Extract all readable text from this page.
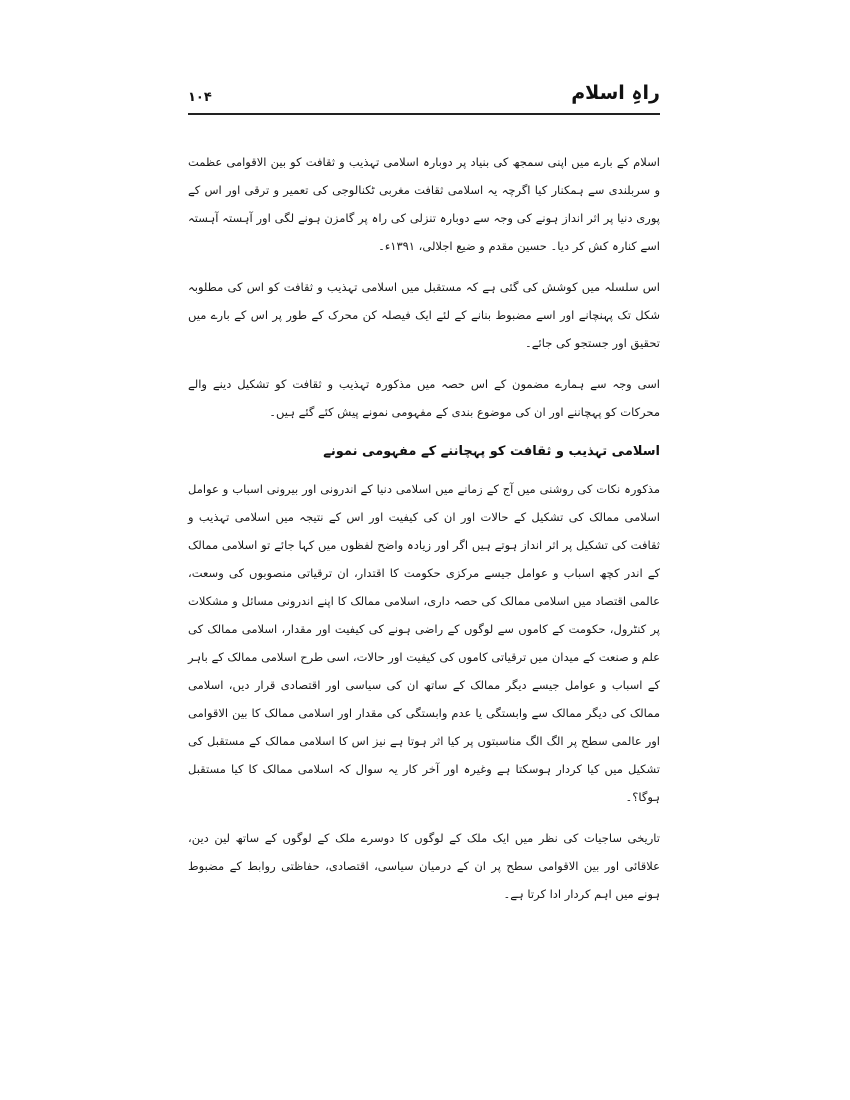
۱۰۴	راہِ اسلام

اسلام کے بارے میں اپنی سمجھ کی بنیاد پر دوبارہ اسلامی تہذیب و ثقافت کو بین الاقوامی عظمت و سربلندی سے ہمکنار کیا اگرچہ یہ اسلامی ثقافت مغربی ٹکنالوجی کی تعمیر و ترقی اور اس کے پوری دنیا پر اثر انداز ہونے کی وجہ سے دوبارہ تنزلی کی راہ پر گامزن ہونے لگی اور آہستہ آہستہ اسے کنارہ کش کر دیا۔ حسین مقدم و ضیع اجلالی، ۱۳۹۱ء۔

اس سلسلہ میں کوشش کی گئی ہے کہ مستقبل میں اسلامی تہذیب و ثقافت کو اس کی مطلوبہ شکل تک پہنچانے اور اسے مضبوط بنانے کے لئے ایک فیصلہ کن محرک کے طور پر اس کے بارے میں تحقیق اور جستجو کی جائے۔

اسی وجہ سے ہمارے مضمون کے اس حصہ میں مذکورہ تہذیب و ثقافت کو تشکیل دینے والے محرکات کو پہچاننے اور ان کی موضوع بندی کے مفہومی نمونے پیش کئے گئے ہیں۔

اسلامی تہذیب و ثقافت کو پہچاننے کے مفہومی نمونے

مذکورہ نکات کی روشنی میں آج کے زمانے میں اسلامی دنیا کے اندرونی اور بیرونی اسباب و عوامل اسلامی ممالک کی تشکیل کے حالات اور ان کی کیفیت اور اس کے نتیجہ میں اسلامی تہذیب و ثقافت کی تشکیل پر اثر انداز ہوتے ہیں اگر اور زیادہ واضح لفظوں میں کہا جائے تو اسلامی ممالک کے اندر کچھ اسباب و عوامل جیسے مرکزی حکومت کا اقتدار، ان ترقیاتی منصوبوں کی وسعت، عالمی اقتصاد میں اسلامی ممالک کی حصہ داری، اسلامی ممالک کا اپنے اندرونی مسائل و مشکلات پر کنٹرول، حکومت کے کاموں سے لوگوں کے راضی ہونے کی کیفیت اور مقدار، اسلامی ممالک کی علم و صنعت کے میدان میں ترقیاتی کاموں کی کیفیت اور حالات، اسی طرح اسلامی ممالک کے باہر کے اسباب و عوامل جیسے دیگر ممالک کے ساتھ ان کی سیاسی اور اقتصادی قرار دیں، اسلامی ممالک کی دیگر ممالک سے وابستگی یا عدم وابستگی کی مقدار اور اسلامی ممالک کا بین الاقوامی اور عالمی سطح پر الگ الگ مناسبتوں پر کیا اثر ہوتا ہے نیز اس کا اسلامی ممالک کے مستقبل کی تشکیل میں کیا کردار ہوسکتا ہے وغیرہ اور آخر کار یہ سوال کہ اسلامی ممالک کا کیا مستقبل ہوگا؟۔

تاریخی ساجیات کی نظر میں ایک ملک کے لوگوں کا دوسرے ملک کے لوگوں کے ساتھ لین دین، علاقائی اور بین الاقوامی سطح پر ان کے درمیان سیاسی، اقتصادی، حفاظتی روابط کے مضبوط ہونے میں اہم کردار ادا کرتا ہے۔
